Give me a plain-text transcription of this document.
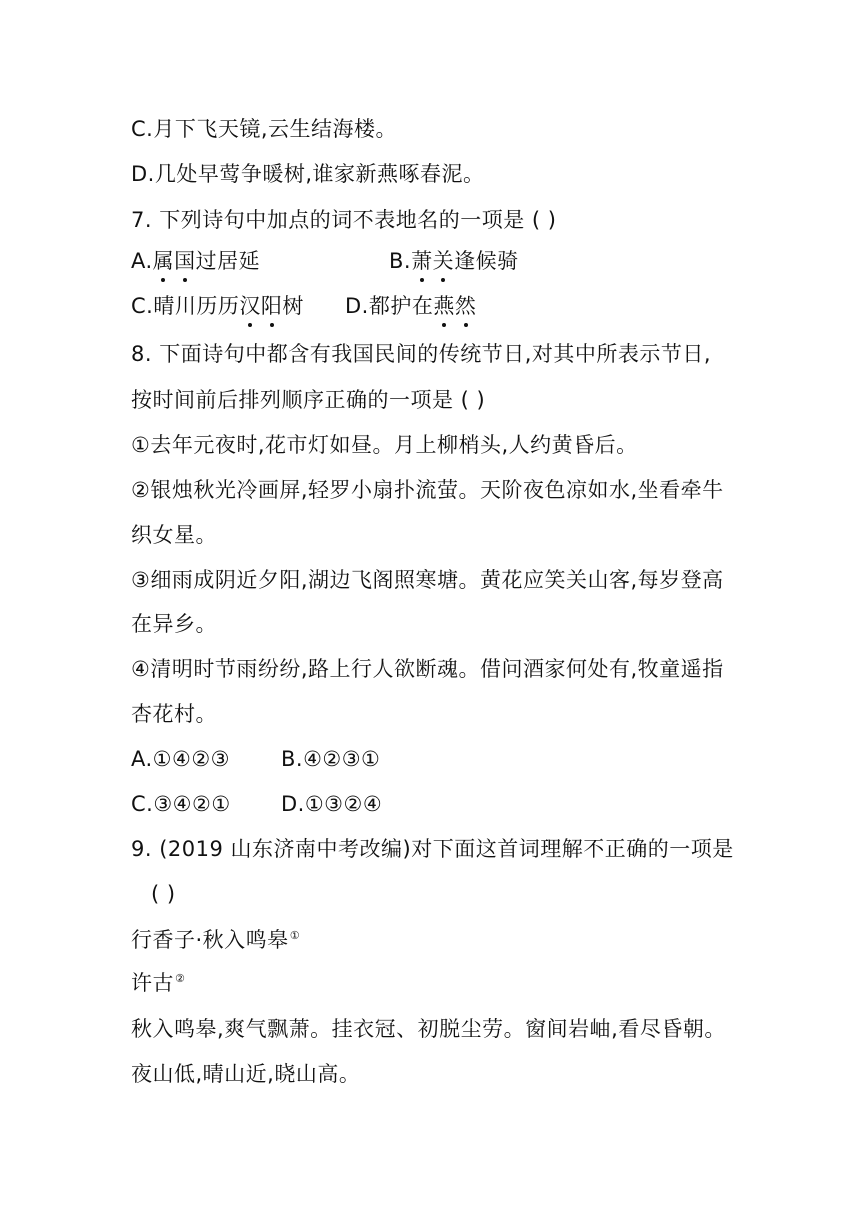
C.月下飞天镜,云生结海楼。
D.几处早莺争暖树,谁家新燕啄春泥。
7. 下列诗句中加点的词不表地名的一项是 ( )
A.属国过居延	B.萧关逢候骑
C.晴川历历汉阳树 D.都护在燕然
8. 下面诗句中都含有我国民间的传统节日,对其中所表示节日,
按时间前后排列顺序正确的一项是 ( )
①去年元夜时,花市灯如昼。月上柳梢头,人约黄昏后。
②银烛秋光冷画屏,轻罗小扇扑流萤。天阶夜色凉如水,坐看牵牛
织女星。
③细雨成阴近夕阳,湖边飞阁照寒塘。黄花应笑关山客,每岁登高
在异乡。
④清明时节雨纷纷,路上行人欲断魂。借问酒家何处有,牧童遥指
杏花村。
A.①④②③ B.④②③①
C.③④②① D.①③②④
9. (2019 山东济南中考改编)对下面这首词理解不正确的一项是
( )
行香子·秋入鸣皋①
许古②
秋入鸣皋,爽气飘萧。挂衣冠、初脱尘劳。窗间岩岫,看尽昏朝。
夜山低,晴山近,晓山高。
